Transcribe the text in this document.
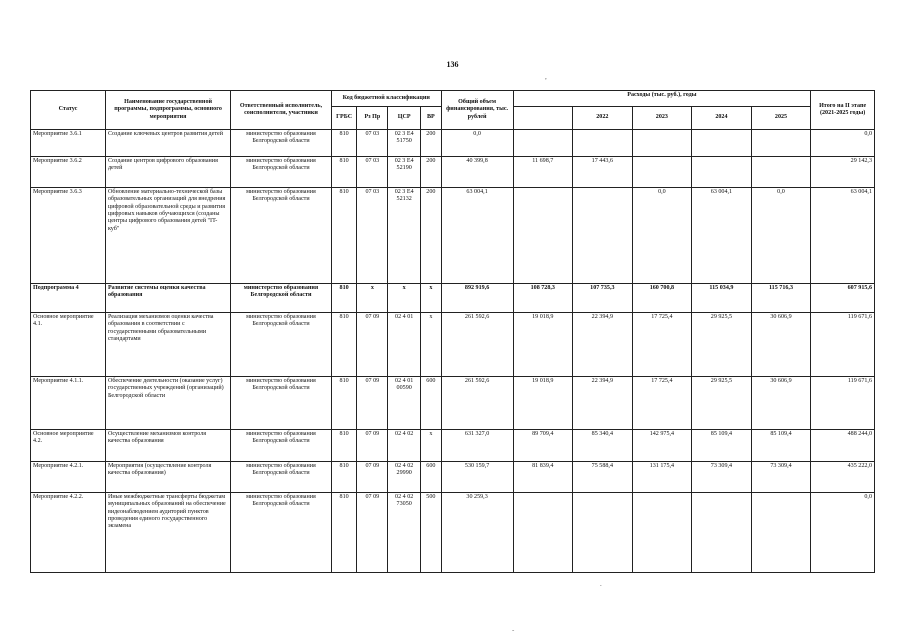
136
,
.
-
Статус	Наименование государственной программы, подпрограммы, основного мероприятия	Ответственный исполнитель, соисполнители, участники	Код бюджетной классификации				Общий объем финансирования, тыс. рублей	Расходы (тыс. руб.), годы					Итого на II этапе (2021-2025 годы)
			ГРБС	Рз Пр	ЦСР	ВР			2022	2023	2024	2025	

Мероприятие 3.6.1	Создание ключевых центров развития детей	министерство образования Белгородской области	810	07 03	02 3 Е4 51750	200	0,0						0,0
Мероприятие 3.6.2	Создание центров цифрового образования детей	министерство образования Белгородской области	810	07 03	02 3 Е4 52190	200	40 399,8	11 698,7	17 443,6				29 142,3
Мероприятие 3.6.3	Обновление материально-технической базы образовательных организаций для внедрения цифровой образовательной среды и развития цифровых навыков обучающихся (созданы центры цифрового образования детей "IT-куб"	министерство образования Белгородской области	810	07 03	02 3 Е4 52132	200	63 004,1			0,0	63 004,1	0,0	63 004,1
Подпрограмма 4	Развитие системы оценки качества образования	министерство образования Белгородской области	810	х	х	х	892 919,6	108 728,3	107 735,3	160 700,8	115 034,9	115 716,3	607 915,6
Основное мероприятие 4.1.	Реализация механизмов оценки качества образования в соответствии с государственными образовательными стандартами	министерство образования Белгородской области	810	07 09	02 4 01	х	261 592,6	19 018,9	22 394,9	17 725,4	29 925,5	30 606,9	119 671,6
Мероприятие 4.1.1.	Обеспечение деятельности (оказание услуг) государственных учреждений (организаций) Белгородской области	министерство образования Белгородской области	810	07 09	02 4 01 00590	600	261 592,6	19 018,9	22 394,9	17 725,4	29 925,5	30 606,9	119 671,6
Основное мероприятие 4.2.	Осуществление механизмов контроля качества образования	министерство образования Белгородской области	810	07 09	02 4 02	х	631 327,0	89 709,4	85 340,4	142 975,4	85 109,4	85 109,4	488 244,0
Мероприятие 4.2.1.	Мероприятия (осуществление контроля качества образования)	министерство образования Белгородской области	810	07 09	02 4 02 29990	600	530 159,7	81 839,4	75 588,4	131 175,4	73 309,4	73 309,4	435 222,0
Мероприятие 4.2.2.	Иные межбюджетные трансферты бюджетам муниципальных образований на обеспечение видеонаблюдением аудиторий пунктов проведения единого государственного экзамена	министерство образования Белгородской области	810	07 09	02 4 02 73050	500	30 259,3						0,0
